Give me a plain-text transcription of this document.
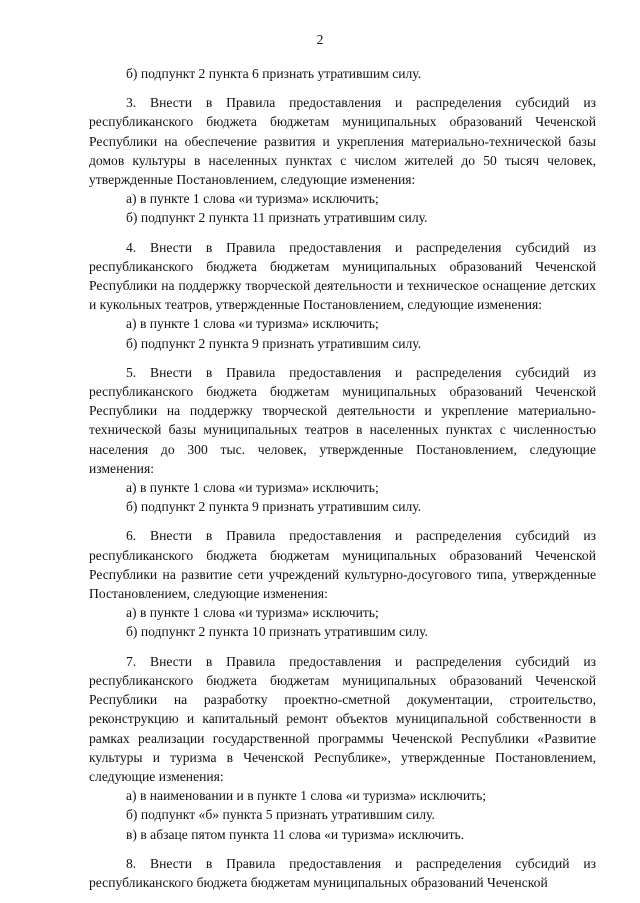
2

б) подпункт 2 пункта 6 признать утратившим силу.

3. Внести в Правила предоставления и распределения субсидий из республиканского бюджета бюджетам муниципальных образований Чеченской Республики на обеспечение развития и укрепления материально-технической базы домов культуры в населенных пунктах с числом жителей до 50 тысяч человек, утвержденные Постановлением, следующие изменения:

а) в пункте 1 слова «и туризма» исключить;

б) подпункт 2 пункта 11 признать утратившим силу.

4. Внести в Правила предоставления и распределения субсидий из республиканского бюджета бюджетам муниципальных образований Чеченской Республики на поддержку творческой деятельности и техническое оснащение детских и кукольных театров, утвержденные Постановлением, следующие изменения:

а) в пункте 1 слова «и туризма» исключить;

б) подпункт 2 пункта 9 признать утратившим силу.

5. Внести в Правила предоставления и распределения субсидий из республиканского бюджета бюджетам муниципальных образований Чеченской Республики на поддержку творческой деятельности и укрепление материально-технической базы муниципальных театров в населенных пунктах с численностью населения до 300 тыс. человек, утвержденные Постановлением, следующие изменения:

а) в пункте 1 слова «и туризма» исключить;

б) подпункт 2 пункта 9 признать утратившим силу.

6. Внести в Правила предоставления и распределения субсидий из республиканского бюджета бюджетам муниципальных образований Чеченской Республики на развитие сети учреждений культурно-досугового типа, утвержденные Постановлением, следующие изменения:

а) в пункте 1 слова «и туризма» исключить;

б) подпункт 2 пункта 10 признать утратившим силу.

7. Внести в Правила предоставления и распределения субсидий из республиканского бюджета бюджетам муниципальных образований Чеченской Республики на разработку проектно-сметной документации, строительство, реконструкцию и капитальный ремонт объектов муниципальной собственности в рамках реализации государственной программы Чеченской Республики «Развитие культуры и туризма в Чеченской Республике», утвержденные Постановлением, следующие изменения:

а) в наименовании и в пункте 1 слова «и туризма» исключить;

б) подпункт «б» пункта 5 признать утратившим силу.

в) в абзаце пятом пункта 11 слова «и туризма» исключить.

8. Внести в Правила предоставления и распределения субсидий из республиканского бюджета бюджетам муниципальных образований Чеченской
